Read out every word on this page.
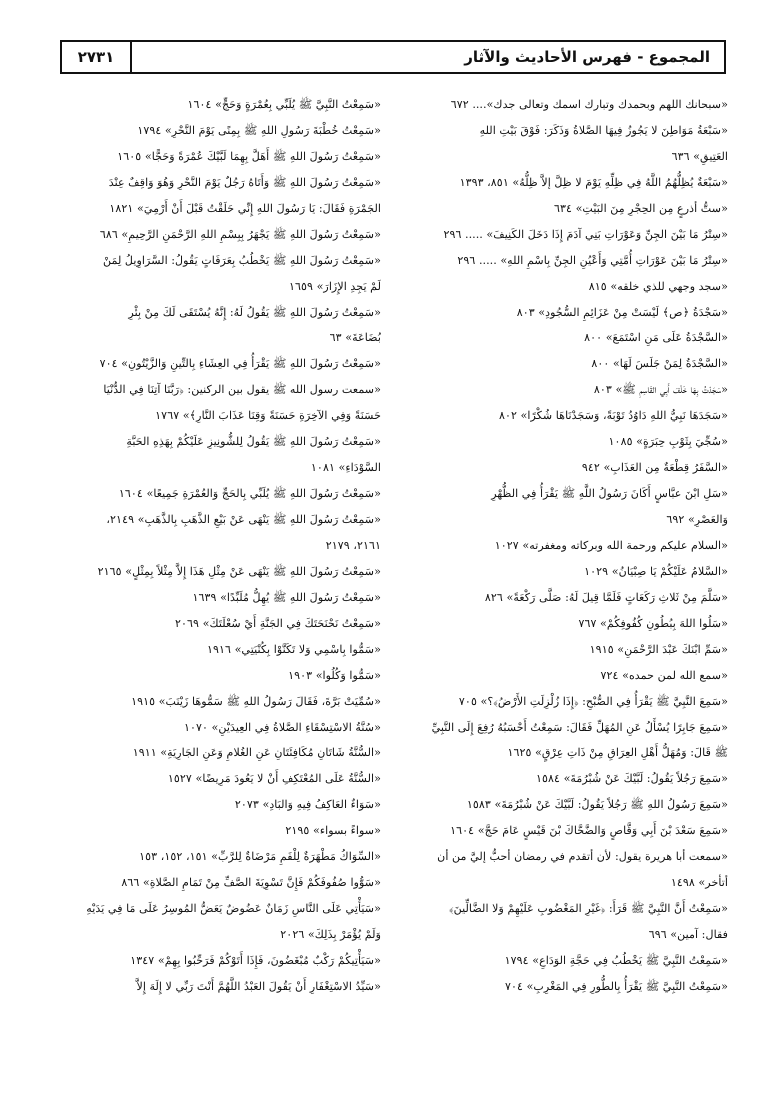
المجموع - فهرس الأحاديث والآثار
٢٧٣١
«سبحانك اللهم وبحمدك وتبارك اسمك وتعالى جدك».... ٦٧٢
«سَبْعَةُ مَوَاطِنَ لا يَجُوزُ فِيهَا الصَّلاةُ وَذَكَرَ: فَوْقَ بَيْتِ اللهِ
العَتِيقِ» ٦٣٦
«سَبْعَةٌ يُظِلُّهُمُ اللَّهُ فِي ظِلِّهِ يَوْمَ لا ظِلَّ إلاَّ ظِلُّهُ» ٨٥١، ١٣٩٣
«ستُّ أذرعٍ مِن الحِجْرِ مِنَ البَيْتِ» ٦٣٤
«سِتْرُ مَا بَيْنَ الجِنِّ وَعَوْرَاتِ بَنِي آدَمَ إِذَا دَخَلَ الكَنِيفَ» ..... ٢٩٦
«سِتْرُ مَا بَيْنَ عَوْرَاتِ أُمَّتِي وَأَعْيُنِ الجِنِّ بِاسْمِ اللهِ» ..... ٢٩٦
«سجد وجهي للذي خلقه» ٨١٥
«سَجْدَةُ ﴿ص﴾ لَيْسَتْ مِنْ عَزَائِمِ السُّجُودِ» ٨٠٣
«السَّجْدَةُ عَلَى مَنِ اسْتَمَعَ» ٨٠٠
«السَّجْدَةُ لِمَنْ جَلَسَ لَهَا» ٨٠٠
«سَجَدْتُ بِهَا خَلْفَ أَبِي القَاسِمِ ﷺ» ٨٠٣
«سَجَدَهَا نَبِيُّ اللهِ دَاوُدُ تَوْبَةً، وَسَجَدْنَاهَا شُكْرًا» ٨٠٢
«سُجِّيَ بِثَوْبِ حِبَرَةٍ» ١٠٨٥
«السَّفَرُ قِطْعَةٌ مِن العَذَابِ» ٩٤٢
«سَلِ ابْنَ عبَّاسٍ أَكَانَ رَسُولُ اللَّهِ ﷺ يَقْرَأُ فِي الظُّهْرِ
وَالعَصْرِ» ٦٩٢
«السلام عليكم ورحمة الله وبركاته ومغفرته» ١٠٢٧
«السَّلامُ عَلَيْكُمْ يَا صِبْيَانُ» ١٠٢٩
«سَلَّمَ مِنْ ثَلاثِ رَكَعَاتٍ فَلَمَّا قِيلَ لَهُ: صَلَّى رَكْعَةً» ٨٢٦
«سَلُوا اللهَ بِبُطُونِ كُفُوفِكُمْ» ٧٦٧
«سَمِّ ابْنَكَ عَبْدَ الرَّحْمَنِ» ١٩١٥
«سمع الله لمن حمده» ٧٢٤
«سَمِعَ النَّبِيَّ ﷺ يَقْرَأُ فِي الصُّبْحِ: ﴿إِذَا زُلْزِلَتِ الأَرْضُ﴾؟» ٧٠٥
«سَمِعَ جَابِرًا يُسْأَلُ عَنِ المُهَلِّ فَقَالَ: سَمِعْتُ أَحْسَبُهُ رُفِعَ إِلَى النَّبِيِّ
ﷺ قَالَ: وَمُهَلُّ أَهْلِ العِرَاقِ مِنْ ذَاتِ عِرْقٍ» ١٦٢٥
«سَمِعَ رَجُلاً يَقُولُ: لَبَّيْكَ عَنْ شُبْرُمَةَ» ١٥٨٤
«سَمِعَ رَسُولُ اللهِ ﷺ رَجُلاً يَقُولُ: لَبَّيْكَ عَنْ شُبْرُمَةَ» ١٥٨٣
«سَمِعَ سَعْدَ بْنَ أَبِي وَقَّاصٍ وَالضَّحَّاكَ بْنَ قَيْسٍ عَامَ حَجَّ» ١٦٠٤
«سمعت أبا هريرة يقول: لأن أتقدم في رمضان أحبُّ إليَّ من أن
أتأخر» ١٤٩٨
«سَمِعْتُ أَنَّ النَّبِيَّ ﷺ قَرَأَ: ﴿غَيْرِ المَغْضُوبِ عَلَيْهِمْ وَلا الضَّالِّينَ﴾
فقال: آمين» ٦٩٦
«سَمِعْتُ النَّبِيَّ ﷺ يَخْطُبُ فِي حَجَّةِ الوَدَاعِ» ١٧٩٤
«سَمِعْتُ النَّبِيَّ ﷺ يَقْرَأُ بِالطُّورِ فِي المَغْرِبِ» ٧٠٤
«سَمِعْتُ النَّبِيَّ ﷺ يُلَبِّي بِعُمْرَةٍ وَحَجٍّ» ١٦٠٤
«سَمِعْتُ خُطْبَةَ رَسُولِ اللهِ ﷺ بِمِنًى يَوْمَ النَّحْرِ» ١٧٩٤
«سَمِعْتُ رَسُولَ اللهِ ﷺ أَهَلَّ بِهِمَا لَبَّيْكَ عُمْرَةً وَحَجًّا» ١٦٠٥
«سَمِعْتُ رَسُولَ اللهِ ﷺ وَأَتَاهُ رَجُلٌ يَوْمَ النَّحْرِ وَهُوَ وَاقِفٌ عِنْدَ
الجَمْرَةِ فَقَالَ: يَا رَسُولَ اللهِ إِنِّي حَلَقْتُ قَبْلَ أَنْ أَرْمِيَ» ١٨٢١
«سَمِعْتُ رَسُولَ اللهِ ﷺ يَجْهَرُ بِبِسْمِ اللهِ الرَّحْمَنِ الرَّحِيمِ» ٦٨٦
«سَمِعْتُ رَسُولَ اللهِ ﷺ يَخْطُبُ بِعَرَفَاتٍ يَقُولُ: السَّرَاوِيلُ لِمَنْ
لَمْ يَجِدِ الإِزَارَ» ١٦٥٩
«سَمِعْتُ رَسُولَ اللهِ ﷺ يَقُولُ لَهُ: إِنَّهُ يُسْتَقَى لَكَ مِنْ بِئْرِ
بُضَاعَةَ» ٦٣
«سَمِعْتُ رَسُولَ اللهِ ﷺ يَقْرَأُ فِي العِشَاءِ بِالتِّينِ وَالزَّيْتُونِ» ٧٠٤
«سمعت رسول الله ﷺ يقول بين الركنين: ﴿رَبَّنَا آتِنَا فِي الدُّنْيَا
حَسَنَةً وَفِي الآخِرَةِ حَسَنَةً وَقِنَا عَذَابَ النَّارِ﴾» ١٧٦٧
«سَمِعْتُ رَسُولَ اللهِ ﷺ يَقُولُ لِلشُّونِيزِ عَلَيْكُمْ بِهَذِهِ الحَبَّةِ
السَّوْدَاءِ» ١٠٨١
«سَمِعْتُ رَسُولَ اللهِ ﷺ يُلَبِّي بِالحَجِّ وَالعُمْرَةِ جَمِيعًا» ١٦٠٤
«سَمِعْتُ رَسُولَ اللهِ ﷺ يَنْهَى عَنْ بَيْعِ الذَّهَبِ بِالذَّهَبِ» ٢١٤٩،
٢١٦١، ٢١٧٩
«سَمِعْتُ رَسُولَ اللهِ ﷺ يَنْهَى عَنْ مِثْلِ هَذَا إِلاَّ مِثْلاً بِمِثْلٍ» ٢١٦٥
«سَمِعْتُ رَسُولَ اللهِ ﷺ يُهِلُّ مُلَبِّدًا» ١٦٣٩
«سَمِعْتُ نَحْنَحَتَكَ فِي الجَنَّةِ أَيْ سُعْلَتَكَ» ٢٠٦٩
«سَمُّوا بِاسْمِي وَلا تَكَنَّوْا بِكُنْيَتِي» ١٩١٦
«سَمُّوا وَكُلُوا» ١٩٠٣
«سُمِّيَتْ بَرَّةَ، فَقَالَ رَسُولُ اللهِ ﷺ سَمُّوهَا زَيْنَبَ» ١٩١٥
«سُنَّةُ الاسْتِسْقَاءِ الصَّلاةُ فِي العِيدَيْنِ» ١٠٧٠
«السُّنَّةُ شَاتَانِ مُكَافِئَتَانِ عَنِ الغُلامِ وَعَنِ الجَارِيَةِ» ١٩١١
«السُّنَّةُ عَلَى المُعْتَكِفِ أَنْ لا يَعُودَ مَرِيضًا» ١٥٢٧
«سَوَاءٌ العَاكِفُ فِيهِ وَالبَادِ» ٢٠٧٣
«سواءً بسواء» ٢١٩٥
«السِّوَاكُ مَطْهَرَةٌ لِلْفَمِ مَرْضَاةٌ لِلرَّبِّ» ١٥١، ١٥٢، ١٥٣
«سَوُّوا صُفُوفَكُمْ فَإِنَّ تَسْوِيَةَ الصَّفِّ مِنْ تَمَامِ الصَّلاةِ» ٨٦٦
«سَيَأْتِي عَلَى النَّاسِ زَمَانٌ عَضُوضٌ يَعَضُّ المُوسِرُ عَلَى مَا فِي يَدَيْهِ
وَلَمْ يُؤْمَرْ بِذَلِكَ» ٢٠٢٦
«سَيَأْتِيكُمْ رَكْبٌ مُبْغَضُونَ، فَإِذَا أَتَوْكُمْ فَرَحِّبُوا بِهِمْ» ١٣٤٧
«سَيِّدُ الاسْتِغْفَارِ أَنْ يَقُولَ العَبْدُ اللَّهُمَّ أَنْتَ رَبِّي لا إِلَهَ إِلاَّ
